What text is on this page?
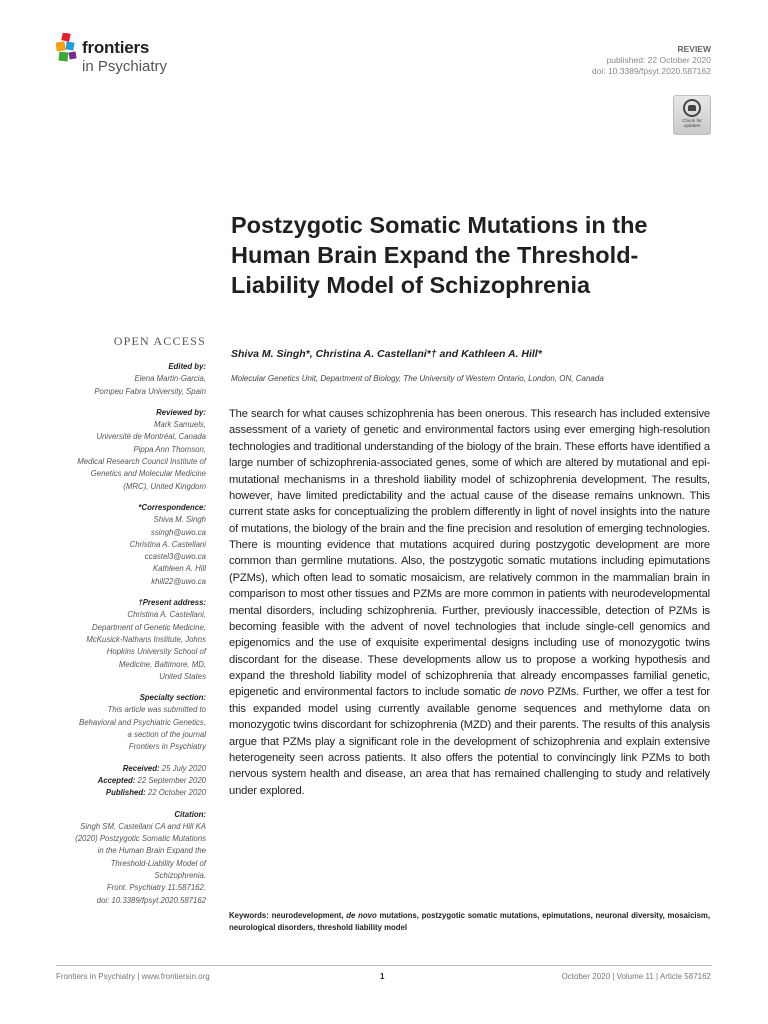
frontiers
in Psychiatry
REVIEW
published: 22 October 2020
doi: 10.3389/fpsyt.2020.587162
Check for updates
Postzygotic Somatic Mutations in the Human Brain Expand the Threshold-Liability Model of Schizophrenia
Shiva M. Singh*, Christina A. Castellani*† and Kathleen A. Hill*
Molecular Genetics Unit, Department of Biology, The University of Western Ontario, London, ON, Canada
OPEN ACCESS
Edited by:
Elena Martin-Garcia,
Pompeu Fabra University, Spain
Reviewed by:
Mark Samuels,
Université de Montréal, Canada
Pippa Ann Thomson,
Medical Research Council Institute of
Genetics and Molecular Medicine
(MRC), United Kingdom
*Correspondence:
Shiva M. Singh
ssingh@uwo.ca
Christina A. Castellani
ccastel3@uwo.ca
Kathleen A. Hill
khill22@uwo.ca
†Present address:
Christina A. Castellani,
Department of Genetic Medicine,
McKusick-Nathans Institute, Johns
Hopkins University School of
Medicine, Baltimore, MD,
United States
Specialty section:
This article was submitted to
Behavioral and Psychiatric Genetics,
a section of the journal
Frontiers in Psychiatry
Received: 25 July 2020
Accepted: 22 September 2020
Published: 22 October 2020
Citation:
Singh SM, Castellani CA and Hill KA
(2020) Postzygotic Somatic Mutations
in the Human Brain Expand the
Threshold-Liability Model of
Schizophrenia.
Front. Psychiatry 11:587162.
doi: 10.3389/fpsyt.2020.587162

The search for what causes schizophrenia has been onerous. This research has included extensive assessment of a variety of genetic and environmental factors using ever emerging high-resolution technologies and traditional understanding of the biology of the brain. These efforts have identified a large number of schizophrenia-associated genes, some of which are altered by mutational and epi-mutational mechanisms in a threshold liability model of schizophrenia development. The results, however, have limited predictability and the actual cause of the disease remains unknown. This current state asks for conceptualizing the problem differently in light of novel insights into the nature of mutations, the biology of the brain and the fine precision and resolution of emerging technologies. There is mounting evidence that mutations acquired during postzygotic development are more common than germline mutations. Also, the postzygotic somatic mutations including epimutations (PZMs), which often lead to somatic mosaicism, are relatively common in the mammalian brain in comparison to most other tissues and PZMs are more common in patients with neurodevelopmental mental disorders, including schizophrenia. Further, previously inaccessible, detection of PZMs is becoming feasible with the advent of novel technologies that include single-cell genomics and epigenomics and the use of exquisite experimental designs including use of monozygotic twins discordant for the disease. These developments allow us to propose a working hypothesis and expand the threshold liability model of schizophrenia that already encompasses familial genetic, epigenetic and environmental factors to include somatic de novo PZMs. Further, we offer a test for this expanded model using currently available genome sequences and methylome data on monozygotic twins discordant for schizophrenia (MZD) and their parents. The results of this analysis argue that PZMs play a significant role in the development of schizophrenia and explain extensive heterogeneity seen across patients. It also offers the potential to convincingly link PZMs to both nervous system health and disease, an area that has remained challenging to study and relatively under explored.

Keywords: neurodevelopment, de novo mutations, postzygotic somatic mutations, epimutations, neuronal diversity, mosaicism, neurological disorders, threshold liability model

Frontiers in Psychiatry | www.frontiersin.org	1	October 2020 | Volume 11 | Article 587162
